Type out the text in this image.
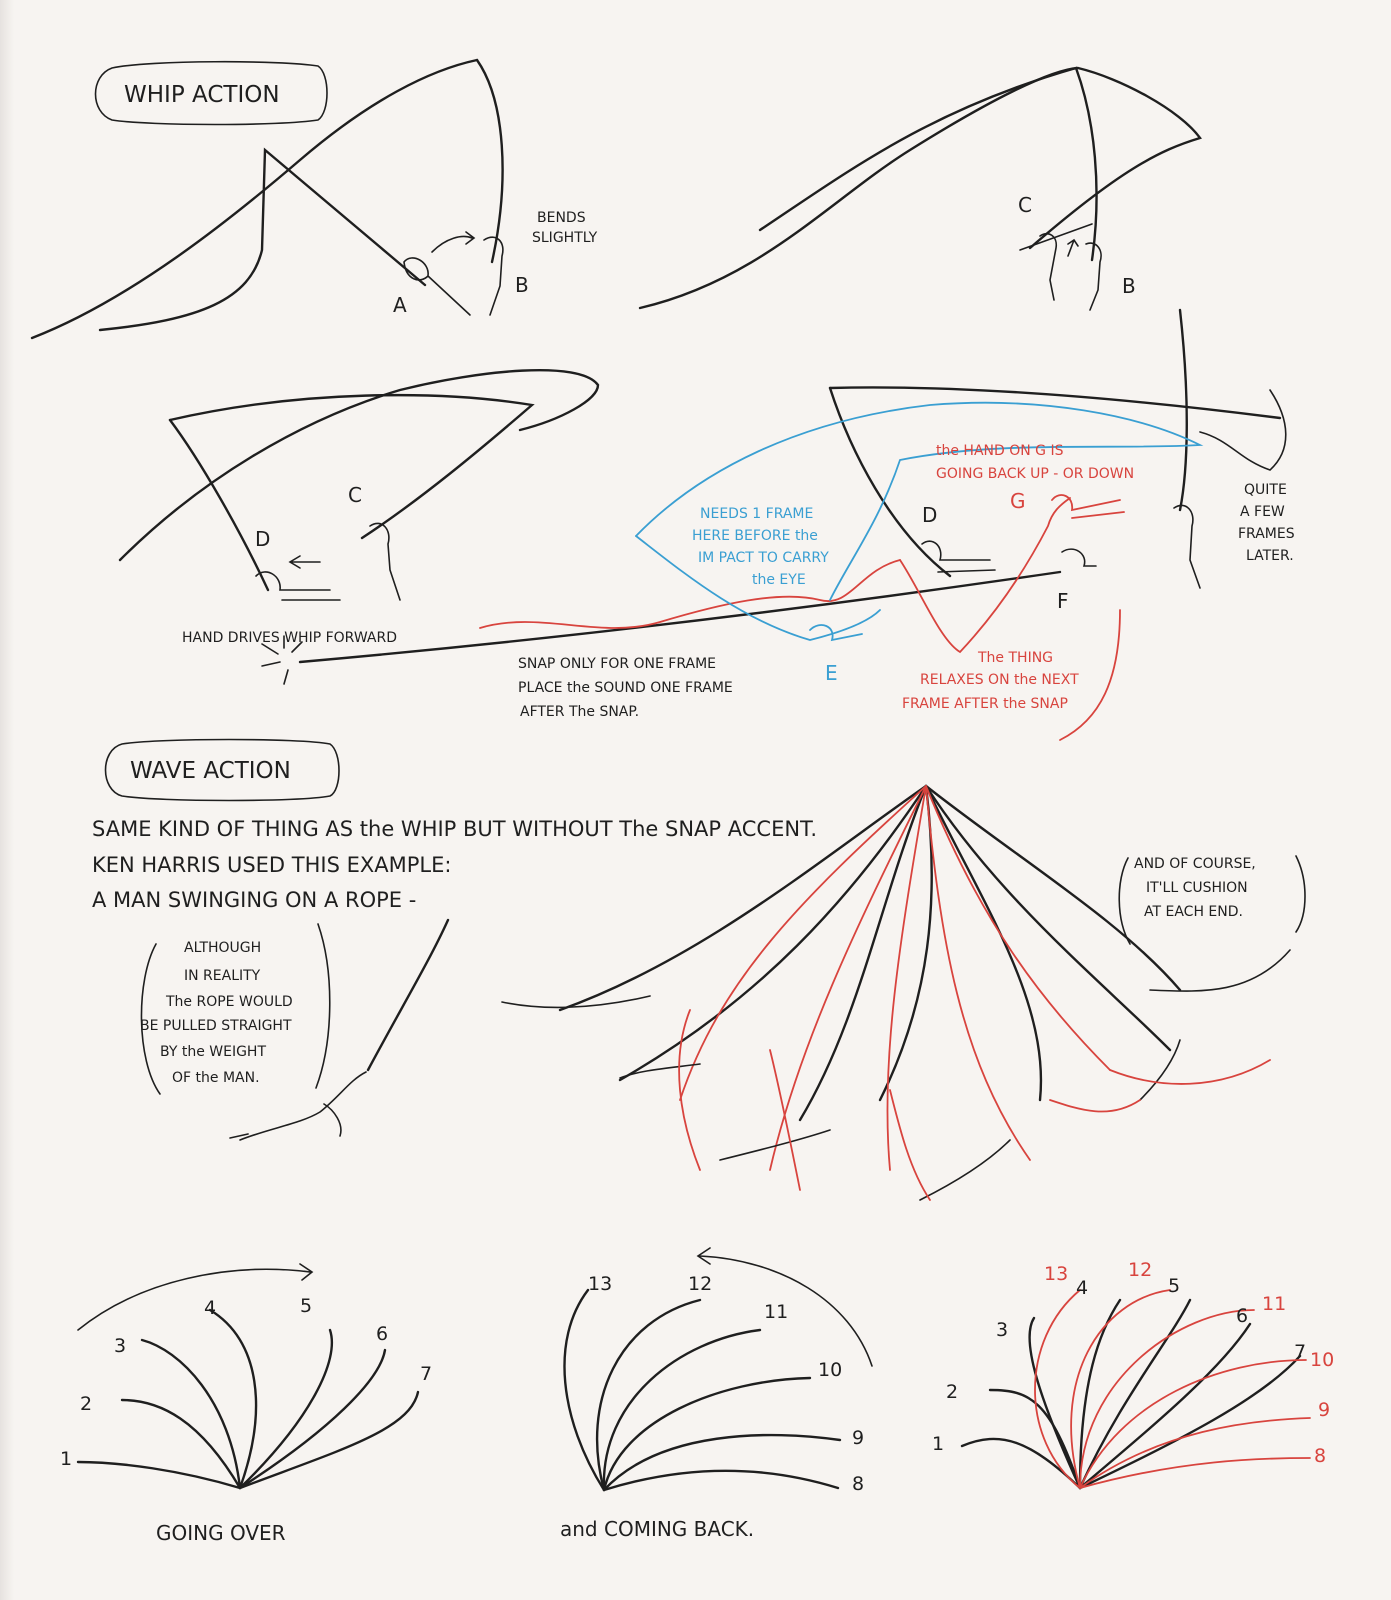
WHIP ACTION
A
B
BENDS
SLIGHTLY
C
B
C
D
HAND DRIVES WHIP FORWARD
D
E
F
G
SNAP ONLY FOR ONE FRAME
PLACE the SOUND ONE FRAME
AFTER The SNAP.
NEEDS 1 FRAME
HERE BEFORE the
IM PACT TO CARRY
the EYE
the HAND ON G IS
GOING BACK UP - OR DOWN
The THING
RELAXES ON the NEXT
FRAME AFTER the SNAP
QUITE
A FEW
FRAMES
LATER.
WAVE ACTION
SAME KIND OF THING AS the WHIP BUT WITHOUT The SNAP ACCENT.
KEN HARRIS USED THIS EXAMPLE:
A MAN SWINGING ON A ROPE -
ALTHOUGH
IN REALITY
The ROPE WOULD
BE PULLED STRAIGHT
BY the WEIGHT
OF the MAN.
AND OF COURSE,
IT'LL CUSHION
AT EACH END.
1
2
3
4	5
6
7
GOING OVER
13	12
11
10
9
8
and COMING BACK.
1
2
3
4	5
6
7
13	12
11
10
9
8
